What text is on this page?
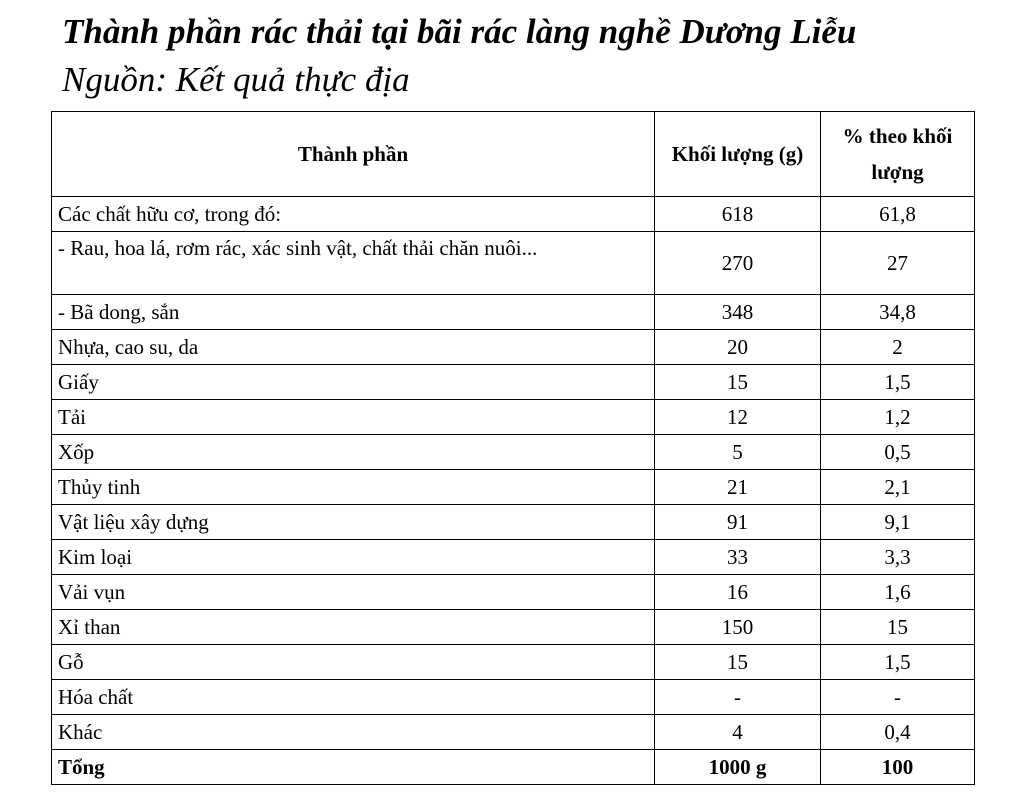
Thành phần rác thải tại bãi rác làng nghề Dương Liễu
Nguồn: Kết quả thực địa
Thành phần	Khối lượng (g)	% theo khối lượng
Các chất hữu cơ, trong đó:	618	61,8
- Rau, hoa lá, rơm rác, xác sinh vật, chất thải chăn nuôi...	270	27
- Bã dong, sắn	348	34,8
Nhựa, cao su, da	20	2
Giấy	15	1,5
Tải	12	1,2
Xốp	5	0,5
Thủy tinh	21	2,1
Vật liệu xây dựng	91	9,1
Kim loại	33	3,3
Vải vụn	16	1,6
Xỉ than	150	15
Gỗ	15	1,5
Hóa chất	-	-
Khác	4	0,4
Tổng	1000 g	100
